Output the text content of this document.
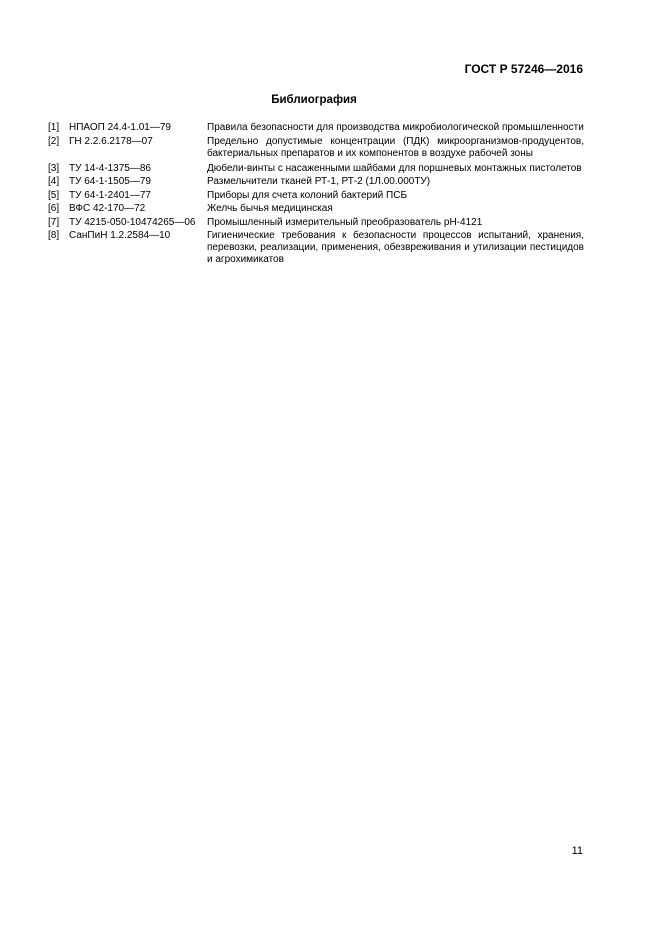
ГОСТ Р 57246—2016
Библиография
[1] НПАОП 24.4-1.01—79	Правила безопасности для производства микробиологической промышленности
[2] ГН 2.2.6.2178—07	Предельно допустимые концентрации (ПДК) микроорганизмов-продуцентов, бактериальных препаратов и их компонентов в воздухе рабочей зоны
[3] ТУ 14-4-1375—86	Дюбели-винты с насаженными шайбами для поршневых монтажных пистолетов
[4] ТУ 64-1-1505—79	Размельчители тканей РТ-1, РТ-2 (1Л.00.000ТУ)
[5] ТУ 64-1-2401—77	Приборы для счета колоний бактерий ПСБ
[6] ВФС 42-170—72	Желчь бычья медицинская
[7] ТУ 4215-050-10474265—06	Промышленный измерительный преобразователь рН-4121
[8] СанПиН 1.2.2584—10	Гигиенические требования к безопасности процессов испытаний, хранения, перевозки, реализации, применения, обезвреживания и утилизации пестицидов и агрохимикатов
11
